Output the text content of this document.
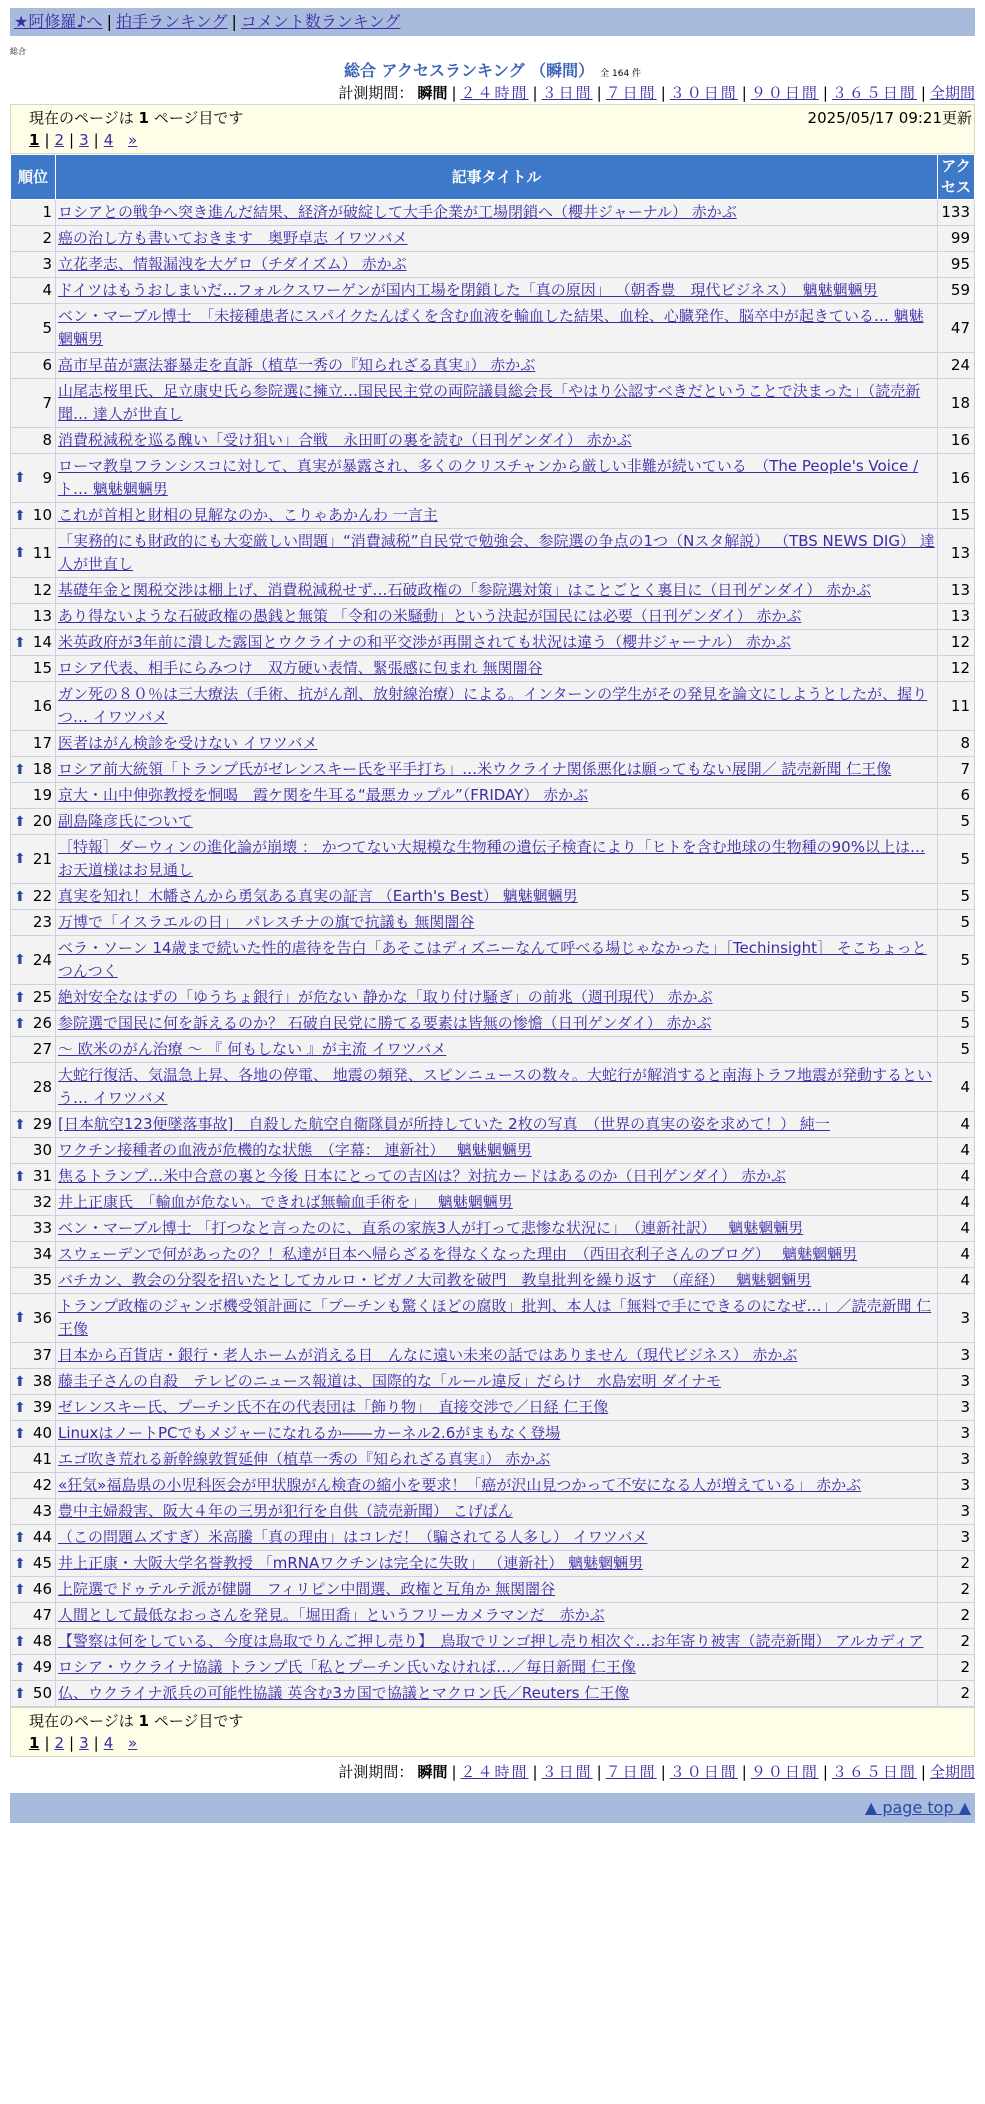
★阿修羅♪へ | 拍手ランキング | コメント数ランキング
総合
総合 アクセスランキング （瞬間） 全 164 件
計測期間： 瞬間 | ２４時間 | ３日間 | ７日間 | ３０日間 | ９０日間 | ３６５日間 | 全期間
現在のページは 1 ページ目です	2025/05/17 09:21更新
1 | 2 | 3 | 4 »
順位	記事タイトル	アクセス
1	ロシアとの戦争へ突き進んだ結果、経済が破綻して大手企業が工場閉鎖へ（櫻井ジャーナル） 赤かぶ	133
2	癌の治し方も書いておきます　奥野卓志 イワツバメ	99
3	立花孝志、情報漏洩を大ゲロ（チダイズム） 赤かぶ	95
4	ドイツはもうおしまいだ…フォルクスワーゲンが国内工場を閉鎖した「真の原因」 （朝香豊　現代ビジネス）　魑魅魍魎男	59
5	ベン・マーブル博士　「未接種患者にスパイクたんぱくを含む血液を輸血した結果、血栓、心臓発作、脳卒中が起きている… 魑魅魍魎男	47
6	高市早苗が憲法審暴走を直訴（植草一秀の『知られざる真実』） 赤かぶ	24
7	山尾志桜里氏、足立康史氏ら参院選に擁立…国民民主党の両院議員総会長「やはり公認すべきだということで決まった」（読売新聞… 達人が世直し	18
8	消費税減税を巡る醜い「受け狙い」合戦　永田町の裏を読む（日刊ゲンダイ） 赤かぶ	16

⬆ 9	ローマ教皇フランシスコに対して、真実が暴露され、多くのクリスチャンから厳しい非難が続いている　（The People's Voice / ト… 魑魅魍魎男	16

⬆ 10	これが首相と財相の見解なのか、こりゃあかんわ 一言主	15

⬆ 11	「実務的にも財政的にも大変厳しい問題」“消費減税”自民党で勉強会、参院選の争点の1つ（Nスタ解説） （TBS NEWS DIG） 達人が世直し	13
12	基礎年金と関税交渉は棚上げ、消費税減税せず…石破政権の「参院選対策」はことごとく裏目に（日刊ゲンダイ） 赤かぶ	13
13	あり得ないような石破政権の愚銭と無策 「令和の米騒動」という決起が国民には必要（日刊ゲンダイ） 赤かぶ	13

⬆ 14	米英政府が3年前に潰した露国とウクライナの和平交渉が再開されても状況は違う（櫻井ジャーナル） 赤かぶ	12
15	ロシア代表、相手にらみつけ　双方硬い表情、緊張感に包まれ 無関闇谷	12
16	ガン死の８０％は三大療法（手術、抗がん剤、放射線治療）による。インターンの学生がその発見を論文にしようとしたが、握りつ… イワツバメ	11
17	医者はがん検診を受けない イワツバメ	8

⬆ 18	ロシア前大統領「トランプ氏がゼレンスキー氏を平手打ち」…米ウクライナ関係悪化は願ってもない展開／ 読売新聞 仁王像	7
19	京大・山中伸弥教授を恫喝　霞ケ関を牛耳る“最悪カップル”（FRIDAY） 赤かぶ	6

⬆ 20	副島隆彦氏について	5

⬆ 21	［特報］ダーウィンの進化論が崩壊 ： かつてない大規模な生物種の遺伝子検査により「ヒトを含む地球の生物種の90%以上は… お天道様はお見通し	5

⬆ 22	真実を知れ！木幡さんから勇気ある真実の証言 （Earth's Best） 魑魅魍魎男	5
23	万博で「イスラエルの日」　パレスチナの旗で抗議も 無関闇谷	5

⬆ 24	ベラ・ソーン 14歳まで続いた性的虐待を告白「あそこはディズニーなんて呼べる場じゃなかった」［Techinsight］ そこちょっとつんつく	5

⬆ 25	絶対安全なはずの「ゆうちょ銀行」が危ない 静かな「取り付け騒ぎ」の前兆（週刊現代） 赤かぶ	5

⬆ 26	参院選で国民に何を訴えるのか？ 石破自民党に勝てる要素は皆無の惨憺（日刊ゲンダイ） 赤かぶ	5
27	～ 欧米のがん治療 ～ 『 何もしない 』が主流 イワツバメ	5
28	大蛇行復活、気温急上昇、各地の停電、 地震の頻発、スピンニュースの数々。大蛇行が解消すると南海トラフ地震が発動するという… イワツバメ	4

⬆ 29	[日本航空123便墜落事故]　自殺した航空自衛隊員が所持していた 2枚の写真　（世界の真実の姿を求めて！） 純一	4
30	ワクチン接種者の血液が危機的な状態　（字幕： 連新社）　 魑魅魍魎男	4

⬆ 31	焦るトランプ…米中合意の裏と今後 日本にとっての吉凶は？対抗カードはあるのか（日刊ゲンダイ） 赤かぶ	4
32	井上正康氏　「輸血が危ない。できれば無輸血手術を」　 魑魅魍魎男	4
33	ベン・マーブル博士 「打つなと言ったのに、直系の家族3人が打って悲惨な状況に」　（連新社訳）　 魑魅魍魎男	4
34	スウェーデンで何があったの？！私達が日本へ帰らざるを得なくなった理由　（西田衣利子さんのブログ）　 魑魅魍魎男	4
35	バチカン、教会の分裂を招いたとしてカルロ・ビガノ大司教を破門　教皇批判を繰り返す　（産経）　 魑魅魍魎男	4

⬆ 36	トランプ政権のジャンボ機受領計画に「プーチンも驚くほどの腐敗」批判、本人は「無料で手にできるのになぜ…」／読売新聞 仁王像	3
37	日本から百貨店・銀行・老人ホームが消える日　んなに遠い未来の話ではありません（現代ビジネス） 赤かぶ	3

⬆ 38	藤圭子さんの自殺　テレビのニュース報道は、国際的な「ルール違反」だらけ　水島宏明 ダイナモ	3

⬆ 39	ゼレンスキー氏、プーチン氏不在の代表団は「飾り物」　直接交渉で／日経 仁王像	3

⬆ 40	LinuxはノートPCでもメジャーになれるか――カーネル2.6がまもなく登場	3
41	エゴ吹き荒れる新幹線敦賀延伸（植草一秀の『知られざる真実』） 赤かぶ	3
42	«狂気»福島県の小児科医会が甲状腺がん検査の縮小を要求！「癌が沢山見つかって不安になる人が増えている」 赤かぶ	3
43	豊中主婦殺害、阪大４年の三男が犯行を自供（読売新聞） こげぱん	3

⬆ 44	（この問題ムズすぎ）米高騰「真の理由」はコレだ！（騙されてる人多し） イワツバメ	3

⬆ 45	井上正康・大阪大学名誉教授 「mRNAワクチンは完全に失敗」 （連新社） 魑魅魍魎男	2

⬆ 46	上院選でドゥテルテ派が健闘　フィリピン中間選、政権と互角か 無関闇谷	2
47	人間として最低なおっさんを発見。「堀田喬」というフリーカメラマンだ　赤かぶ	2

⬆ 48	【警察は何をしている、今度は鳥取でりんご押し売り】　鳥取でリンゴ押し売り相次ぐ…お年寄り被害（読売新聞） アルカディア	2

⬆ 49	ロシア・ウクライナ協議 トランプ氏「私とプーチン氏いなければ…／毎日新聞 仁王像	2

⬆ 50	仏、ウクライナ派兵の可能性協議 英含む3カ国で協議とマクロン氏／Reuters 仁王像	2
現在のページは 1 ページ目です
1 | 2 | 3 | 4 »
計測期間： 瞬間 | ２４時間 | ３日間 | ７日間 | ３０日間 | ９０日間 | ３６５日間 | 全期間
▲ page top ▲
